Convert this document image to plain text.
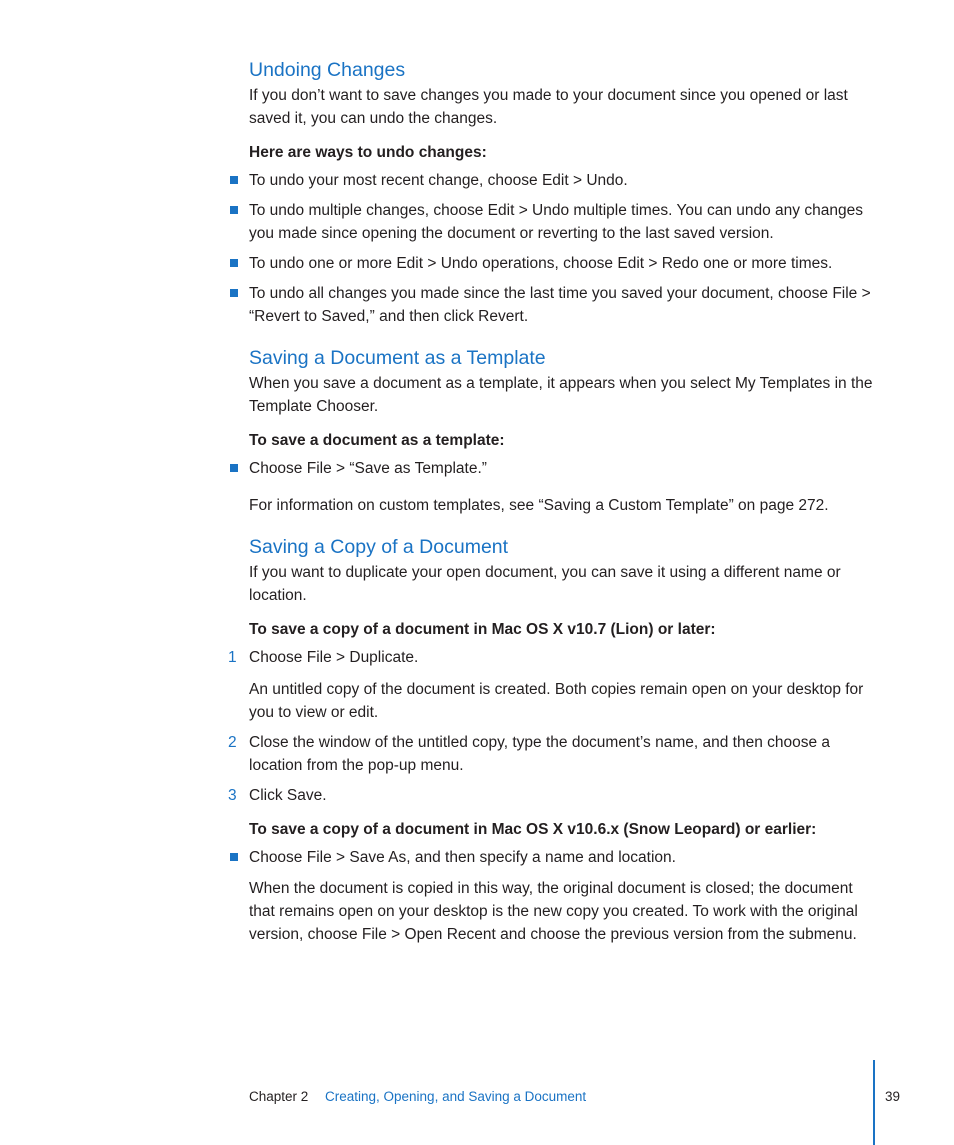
Undoing Changes

If you don’t want to save changes you made to your document since you opened or last saved it, you can undo the changes.

Here are ways to undo changes:

To undo your most recent change, choose Edit > Undo.

To undo multiple changes, choose Edit > Undo multiple times. You can undo any changes you made since opening the document or reverting to the last saved version.

To undo one or more Edit > Undo operations, choose Edit > Redo one or more times.

To undo all changes you made since the last time you saved your document, choose File > “Revert to Saved,” and then click Revert.

Saving a Document as a Template

When you save a document as a template, it appears when you select My Templates in the Template Chooser.

To save a document as a template:

Choose File > “Save as Template.”

For information on custom templates, see “Saving a Custom Template” on page 272.

Saving a Copy of a Document

If you want to duplicate your open document, you can save it using a different name or location.

To save a copy of a document in Mac OS X v10.7 (Lion) or later:

1 Choose File > Duplicate.

An untitled copy of the document is created. Both copies remain open on your desktop for you to view or edit.

2 Close the window of the untitled copy, type the document’s name, and then choose a location from the pop-up menu.

3 Click Save.

To save a copy of a document in Mac OS X v10.6.x (Snow Leopard) or earlier:

Choose File > Save As, and then specify a name and location.

When the document is copied in this way, the original document is closed; the document that remains open on your desktop is the new copy you created. To work with the original version, choose File > Open Recent and choose the previous version from the submenu.

Chapter 2 Creating, Opening, and Saving a Document	39
